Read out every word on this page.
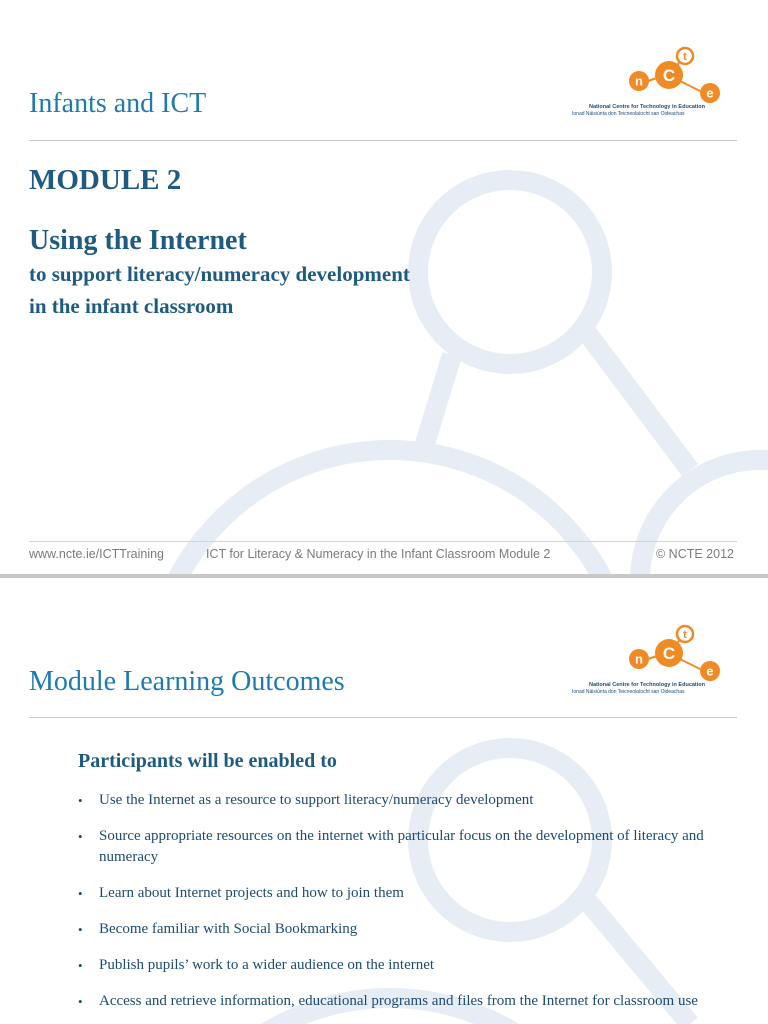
Infants and ICT
n C
t
e
National Centre for Technology in Education
Ionad Náisiúnta don Teicneolaíocht san Oideachas
MODULE 2
Using the Internet
to support literacy/numeracy development
in the infant classroom
www.ncte.ie/ICTTraining	ICT for Literacy & Numeracy in the Infant Classroom Module 2	© NCTE 2012
Module Learning Outcomes
n C
t
e
National Centre for Technology in Education
Ionad Náisiúnta don Teicneolaíocht san Oideachas
Participants will be enabled to
• Use the Internet as a resource to support literacy/numeracy development
• Source appropriate resources on the internet with particular focus on the development of literacy and numeracy
• Learn about Internet projects and how to join them
• Become familiar with Social Bookmarking
• Publish pupils’ work to a wider audience on the internet
• Access and retrieve information, educational programs and files from the Internet for classroom use
